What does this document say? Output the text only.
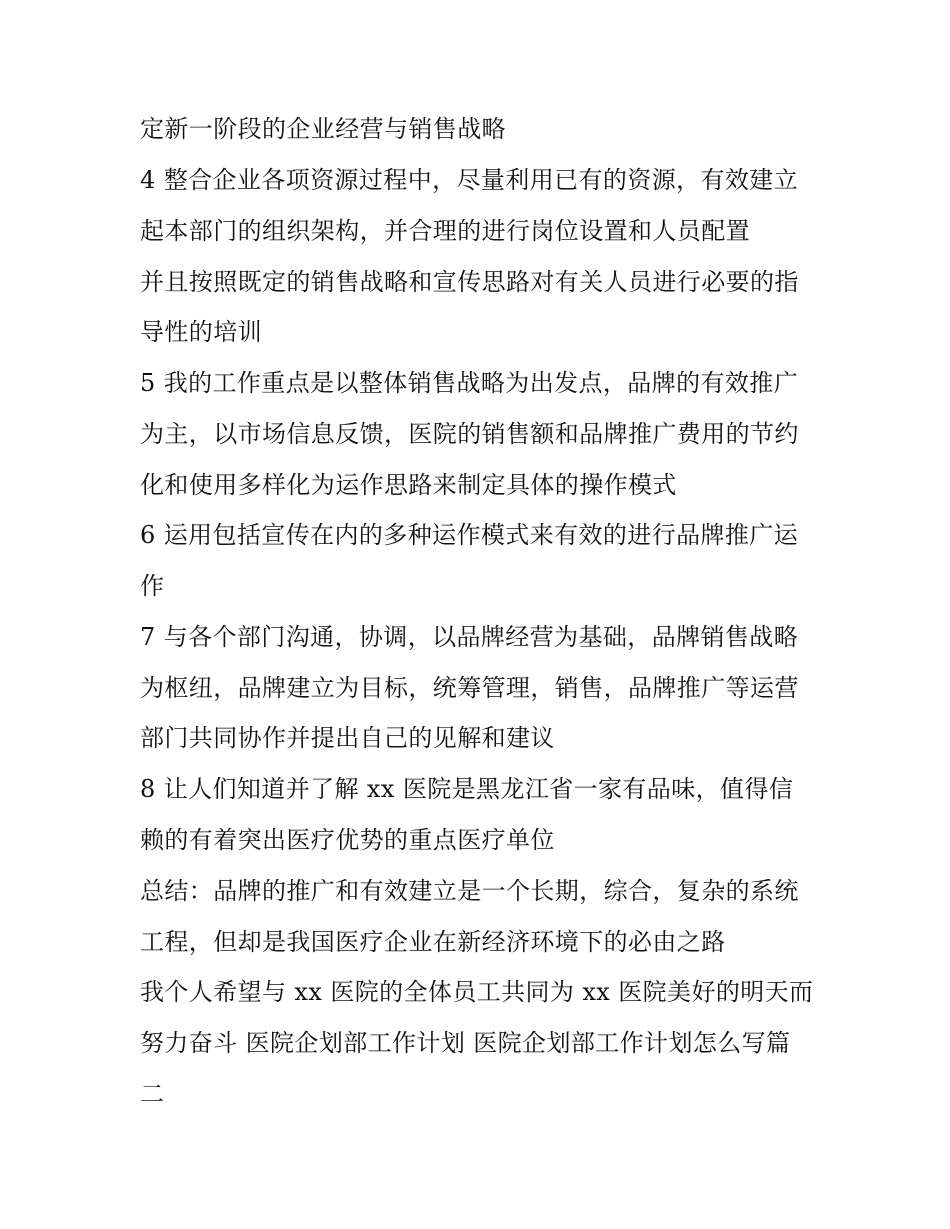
定新一阶段的企业经营与销售战略
4 整合企业各项资源过程中，尽量利用已有的资源，有效建立
起本部门的组织架构，并合理的进行岗位设置和人员配置
并且按照既定的销售战略和宣传思路对有关人员进行必要的指
导性的培训
5 我的工作重点是以整体销售战略为出发点，品牌的有效推广
为主，以市场信息反馈，医院的销售额和品牌推广费用的节约
化和使用多样化为运作思路来制定具体的操作模式
6 运用包括宣传在内的多种运作模式来有效的进行品牌推广运
作
7 与各个部门沟通，协调，以品牌经营为基础，品牌销售战略
为枢纽，品牌建立为目标，统筹管理，销售，品牌推广等运营
部门共同协作并提出自己的见解和建议
8 让人们知道并了解 xx 医院是黑龙江省一家有品味，值得信
赖的有着突出医疗优势的重点医疗单位
总结：品牌的推广和有效建立是一个长期，综合，复杂的系统
工程，但却是我国医疗企业在新经济环境下的必由之路
我个人希望与 xx 医院的全体员工共同为 xx 医院美好的明天而
努力奋斗 医院企划部工作计划 医院企划部工作计划怎么写篇
二
